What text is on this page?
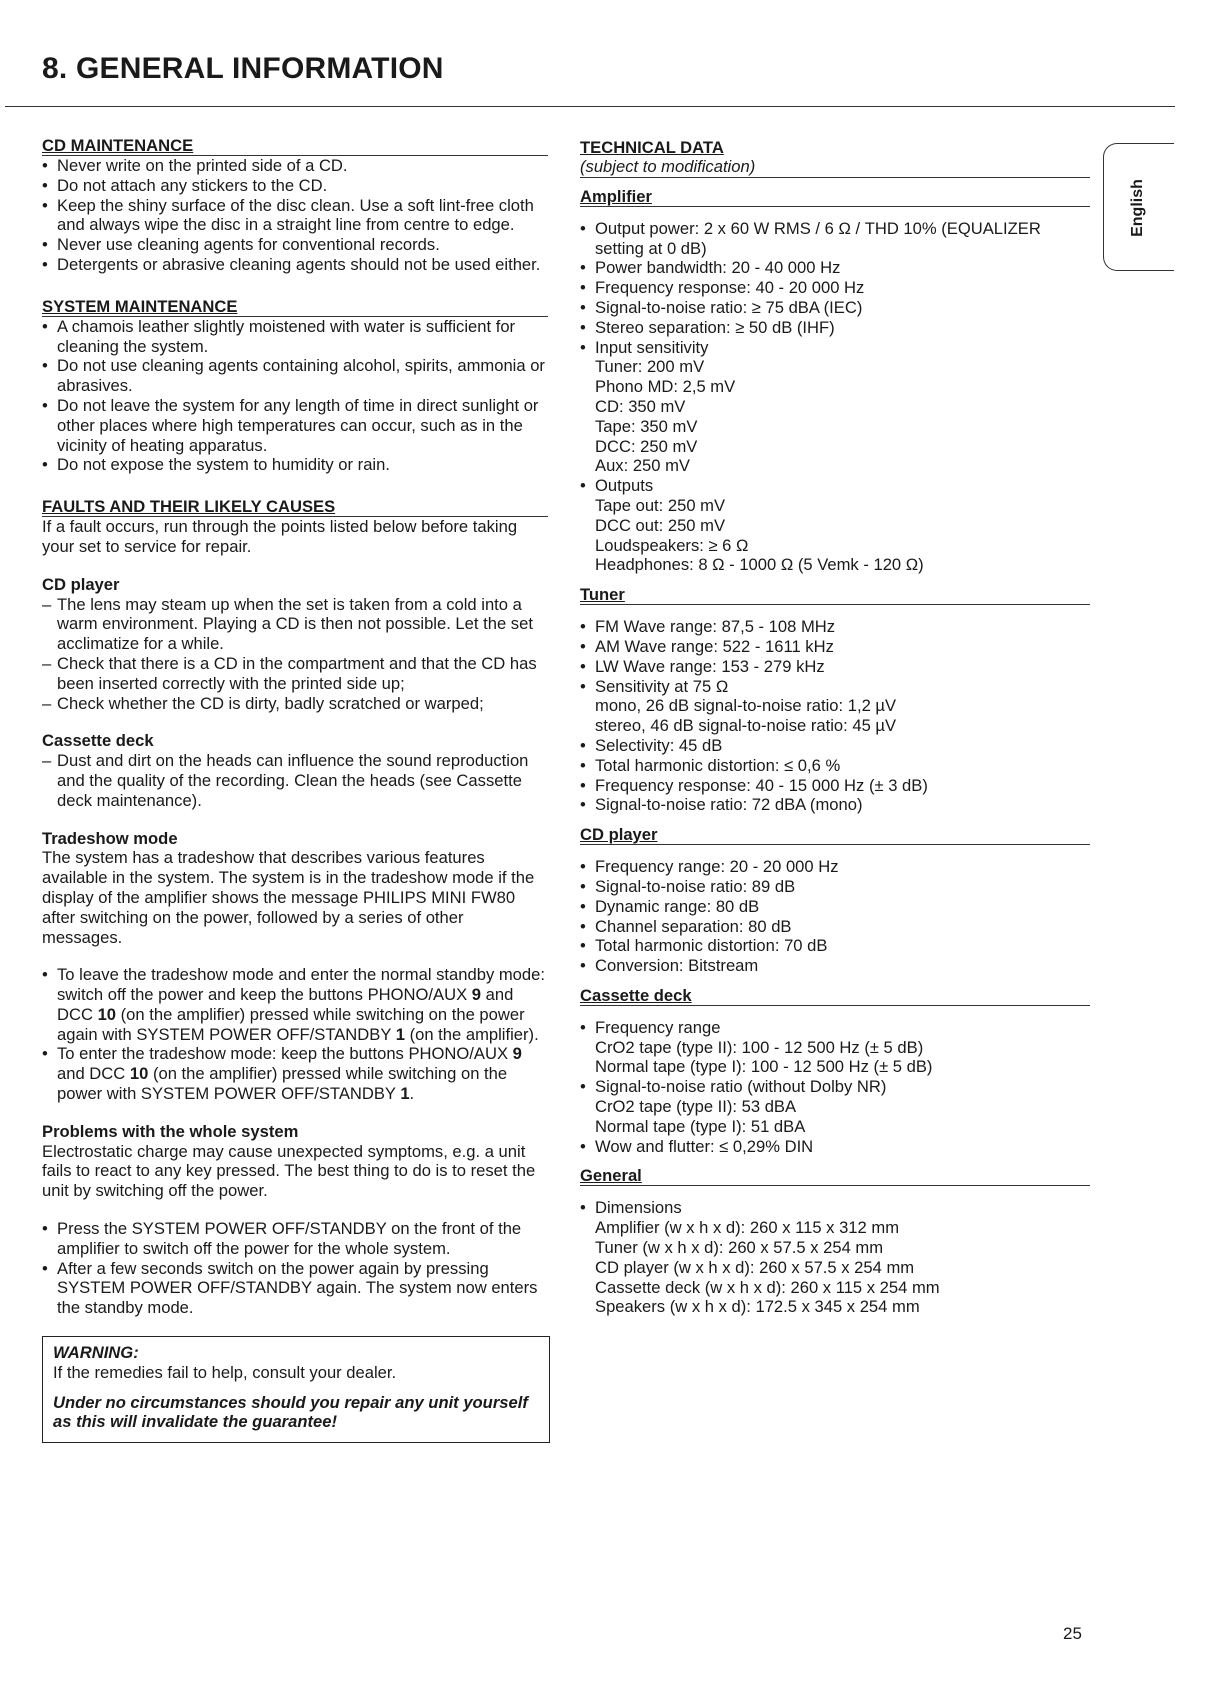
8. GENERAL INFORMATION
CD MAINTENANCE
• Never write on the printed side of a CD.
• Do not attach any stickers to the CD.
• Keep the shiny surface of the disc clean. Use a soft lint-free cloth and always wipe the disc in a straight line from centre to edge.
• Never use cleaning agents for conventional records.
• Detergents or abrasive cleaning agents should not be used either.
SYSTEM MAINTENANCE
• A chamois leather slightly moistened with water is sufficient for cleaning the system.
• Do not use cleaning agents containing alcohol, spirits, ammonia or abrasives.
• Do not leave the system for any length of time in direct sunlight or other places where high temperatures can occur, such as in the vicinity of heating apparatus.
• Do not expose the system to humidity or rain.
FAULTS AND THEIR LIKELY CAUSES
If a fault occurs, run through the points listed below before taking your set to service for repair.
CD player
– The lens may steam up when the set is taken from a cold into a warm environment. Playing a CD is then not possible. Let the set acclimatize for a while.
– Check that there is a CD in the compartment and that the CD has been inserted correctly with the printed side up;
– Check whether the CD is dirty, badly scratched or warped;
Cassette deck
– Dust and dirt on the heads can influence the sound reproduction and the quality of the recording. Clean the heads (see Cassette deck maintenance).
Tradeshow mode
The system has a tradeshow that describes various features available in the system. The system is in the tradeshow mode if the display of the amplifier shows the message PHILIPS MINI FW80 after switching on the power, followed by a series of other messages.
• To leave the tradeshow mode and enter the normal standby mode: switch off the power and keep the buttons PHONO/AUX 9 and DCC 10 (on the amplifier) pressed while switching on the power again with SYSTEM POWER OFF/STANDBY 1 (on the amplifier).
• To enter the tradeshow mode: keep the buttons PHONO/AUX 9 and DCC 10 (on the amplifier) pressed while switching on the power with SYSTEM POWER OFF/STANDBY 1.
Problems with the whole system
Electrostatic charge may cause unexpected symptoms, e.g. a unit fails to react to any key pressed. The best thing to do is to reset the unit by switching off the power.
• Press the SYSTEM POWER OFF/STANDBY on the front of the amplifier to switch off the power for the whole system.
• After a few seconds switch on the power again by pressing SYSTEM POWER OFF/STANDBY again. The system now enters the standby mode.
WARNING:
If the remedies fail to help, consult your dealer.
Under no circumstances should you repair any unit yourself as this will invalidate the guarantee!
TECHNICAL DATA
(subject to modification)
Amplifier
• Output power: 2 x 60 W RMS / 6 Ω / THD 10% (EQUALIZER setting at 0 dB)
• Power bandwidth: 20 - 40 000 Hz
• Frequency response: 40 - 20 000 Hz
• Signal-to-noise ratio: ≥ 75 dBA (IEC)
• Stereo separation: ≥ 50 dB (IHF)
• Input sensitivity
Tuner: 200 mV
Phono MD: 2,5 mV
CD: 350 mV
Tape: 350 mV
DCC: 250 mV
Aux: 250 mV
• Outputs
Tape out: 250 mV
DCC out: 250 mV
Loudspeakers: ≥ 6 Ω
Headphones: 8 Ω - 1000 Ω (5 Vemk - 120 Ω)
Tuner
• FM Wave range: 87,5 - 108 MHz
• AM Wave range: 522 - 1611 kHz
• LW Wave range: 153 - 279 kHz
• Sensitivity at 75 Ω
mono, 26 dB signal-to-noise ratio: 1,2 µV
stereo, 46 dB signal-to-noise ratio: 45 µV
• Selectivity: 45 dB
• Total harmonic distortion: ≤ 0,6 %
• Frequency response: 40 - 15 000 Hz (± 3 dB)
• Signal-to-noise ratio: 72 dBA (mono)
CD player
• Frequency range: 20 - 20 000 Hz
• Signal-to-noise ratio: 89 dB
• Dynamic range: 80 dB
• Channel separation: 80 dB
• Total harmonic distortion: 70 dB
• Conversion: Bitstream
Cassette deck
• Frequency range
CrO2 tape (type II): 100 - 12 500 Hz (± 5 dB)
Normal tape (type I): 100 - 12 500 Hz (± 5 dB)
• Signal-to-noise ratio (without Dolby NR)
CrO2 tape (type II): 53 dBA
Normal tape (type I): 51 dBA
• Wow and flutter: ≤ 0,29% DIN
General
• Dimensions
Amplifier (w x h x d): 260 x 115 x 312 mm
Tuner (w x h x d): 260 x 57.5 x 254 mm
CD player (w x h x d): 260 x 57.5 x 254 mm
Cassette deck (w x h x d): 260 x 115 x 254 mm
Speakers (w x h x d): 172.5 x 345 x 254 mm
English
25
